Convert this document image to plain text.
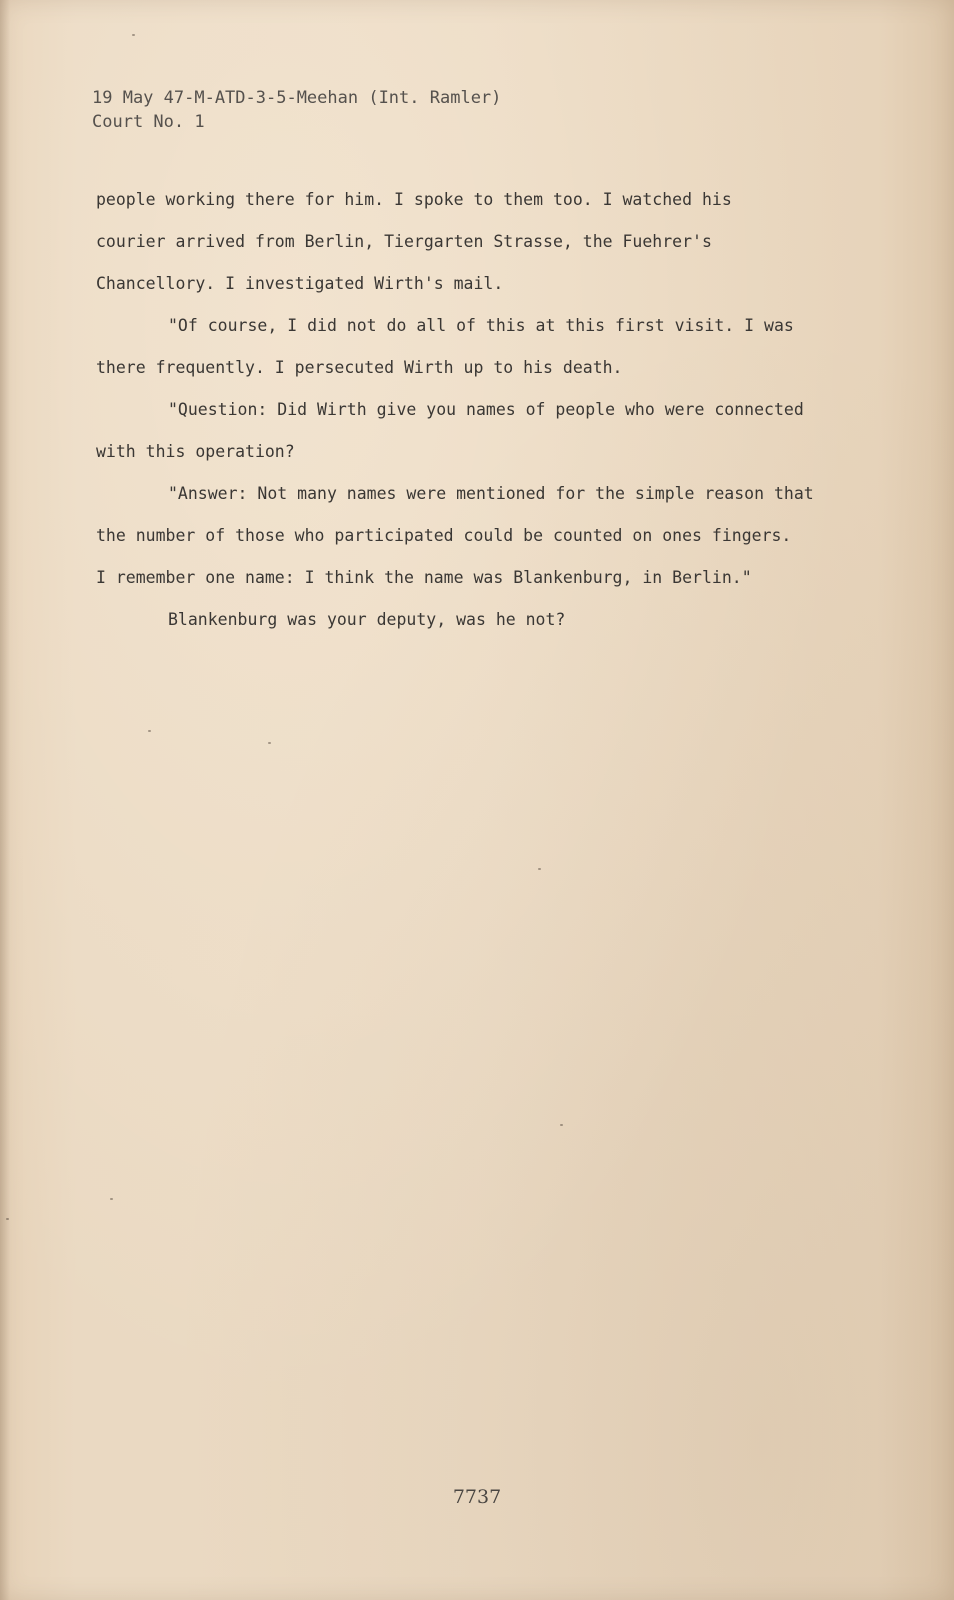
19 May 47-M-ATD-3-5-Meehan (Int. Ramler)
Court No. 1
people working there for him. I spoke to them too. I watched his
courier arrived from Berlin, Tiergarten Strasse, the Fuehrer's
Chancellory. I investigated Wirth's mail.
"Of course, I did not do all of this at this first visit. I was
there frequently. I persecuted Wirth up to his death.
"Question: Did Wirth give you names of people who were connected
with this operation?
"Answer: Not many names were mentioned for the simple reason that
the number of those who participated could be counted on ones fingers.
I remember one name: I think the name was Blankenburg, in Berlin."
Blankenburg was your deputy, was he not?
7737
